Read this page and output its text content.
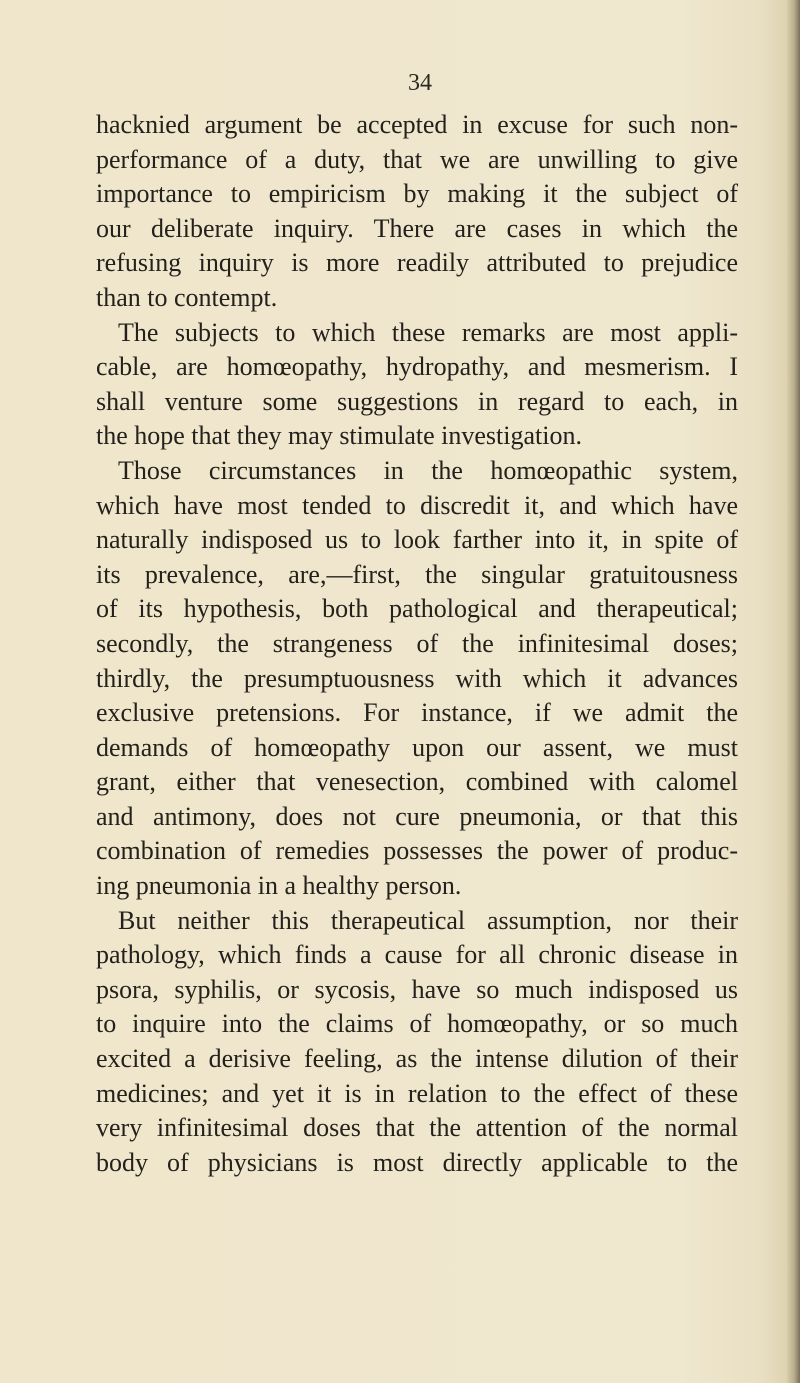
34
hacknied argument be accepted in excuse for such non-
performance of a duty, that we are unwilling to give
importance to empiricism by making it the subject of
our deliberate inquiry. There are cases in which the
refusing inquiry is more readily attributed to prejudice
than to contempt.
The subjects to which these remarks are most appli-
cable, are homœopathy, hydropathy, and mesmerism. I
shall venture some suggestions in regard to each, in
the hope that they may stimulate investigation.
Those circumstances in the homœopathic system,
which have most tended to discredit it, and which have
naturally indisposed us to look farther into it, in spite of
its prevalence, are,—first, the singular gratuitousness
of its hypothesis, both pathological and therapeutical;
secondly, the strangeness of the infinitesimal doses;
thirdly, the presumptuousness with which it advances
exclusive pretensions. For instance, if we admit the
demands of homœopathy upon our assent, we must
grant, either that venesection, combined with calomel
and antimony, does not cure pneumonia, or that this
combination of remedies possesses the power of produc-
ing pneumonia in a healthy person.
But neither this therapeutical assumption, nor their
pathology, which finds a cause for all chronic disease in
psora, syphilis, or sycosis, have so much indisposed us
to inquire into the claims of homœopathy, or so much
excited a derisive feeling, as the intense dilution of their
medicines; and yet it is in relation to the effect of these
very infinitesimal doses that the attention of the normal
body of physicians is most directly applicable to the
